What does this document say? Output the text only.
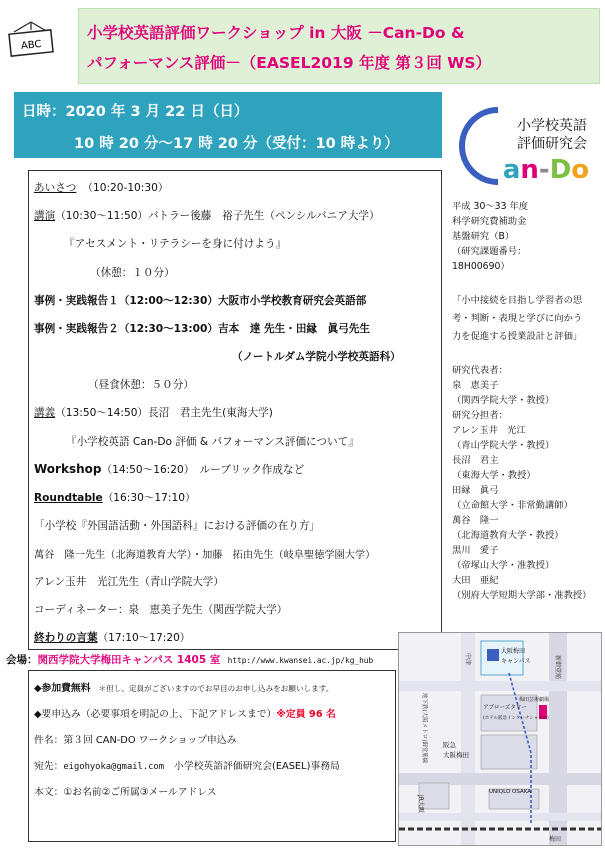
ABC
小学校英語評価ワークショップ in 大阪 －Can-Do &
パフォーマンス評価－（EASEL2019 年度 第３回 WS）
日時：2020 年 3 月 22 日（日）
10 時 20 分～17 時 20 分（受付：10 時より）
あいさつ （10:20-10:30）
講演（10:30～11:50）バトラー後藤　裕子先生（ペンシルバニア大学）
『アセスメント・リテラシーを身に付けよう』
（休憩：１０分）
事例・実践報告１（12:00～12:30）大阪市小学校教育研究会英語部
事例・実践報告２（12:30～13:00）吉本　達 先生・田縁　眞弓先生
（ノートルダム学院小学校英語科）
（昼食休憩：５０分）
講義（13:50～14:50）長沼　君主先生(東海大学)
『小学校英語 Can-Do 評価 & パフォーマンス評価について』
Workshop（14:50～16:20）　ルーブリック作成など
Roundtable（16:30～17:10）
「小学校『外国語活動・外国語科』における評価の在り方」
萬谷　隆一先生（北海道教育大学）・加藤　拓由先生（岐阜聖徳学園大学）
アレン玉井　光江先生（青山学院大学）
コーディネーター：泉　恵美子先生（関西学院大学）
終わりの言葉（17:10～17:20）
小学校英語
評価研究会
an-Do
平成 30～33 年度
科学研究費補助金
基盤研究（B）
（研究課題番号：
18H00690）
「小中接続を目指し学習者の思
考・判断・表現と学びに向かう
力を促進する授業設計と評価」
研究代表者：
泉　恵美子
（関西学院大学・教授）
研究分担者：
アレン玉井　光江
（青山学院大学・教授）
長沼　君主
（東海大学・教授）
田縁　眞弓
（立命館大学・非常勤講師）
萬谷　隆一
（北海道教育大学・教授）
黒川　愛子
（帝塚山大学・准教授）
大田　亜紀
（別府大学短期大学部・准教授）
会場：関西学院大学梅田キャンパス 1405 室 http://www.kwansei.ac.jp/kg_hub
◆参加費無料 ＊但し、定員がございますのでお早目のお申し込みをお願いします。
◆要申込み（必要事項を明記の上、下記アドレスまで）※定員 96 名
件名：第３回 CAN-DO ワークショップ申込み
宛先：eigohyoka@gmail.com 小学校英語評価研究会(EASEL)事務局
本文：①お名前②ご所属③メールアドレス
大阪梅田
キャンパス	新御堂筋
中津
地下鉄(大阪メトロ)御堂筋線	アプローズタワー
(ホテル阪急インターナショナル)
梅田芸術劇場
阪急
大阪梅田
UNIQLO OSAKA
JR大阪
梅田
